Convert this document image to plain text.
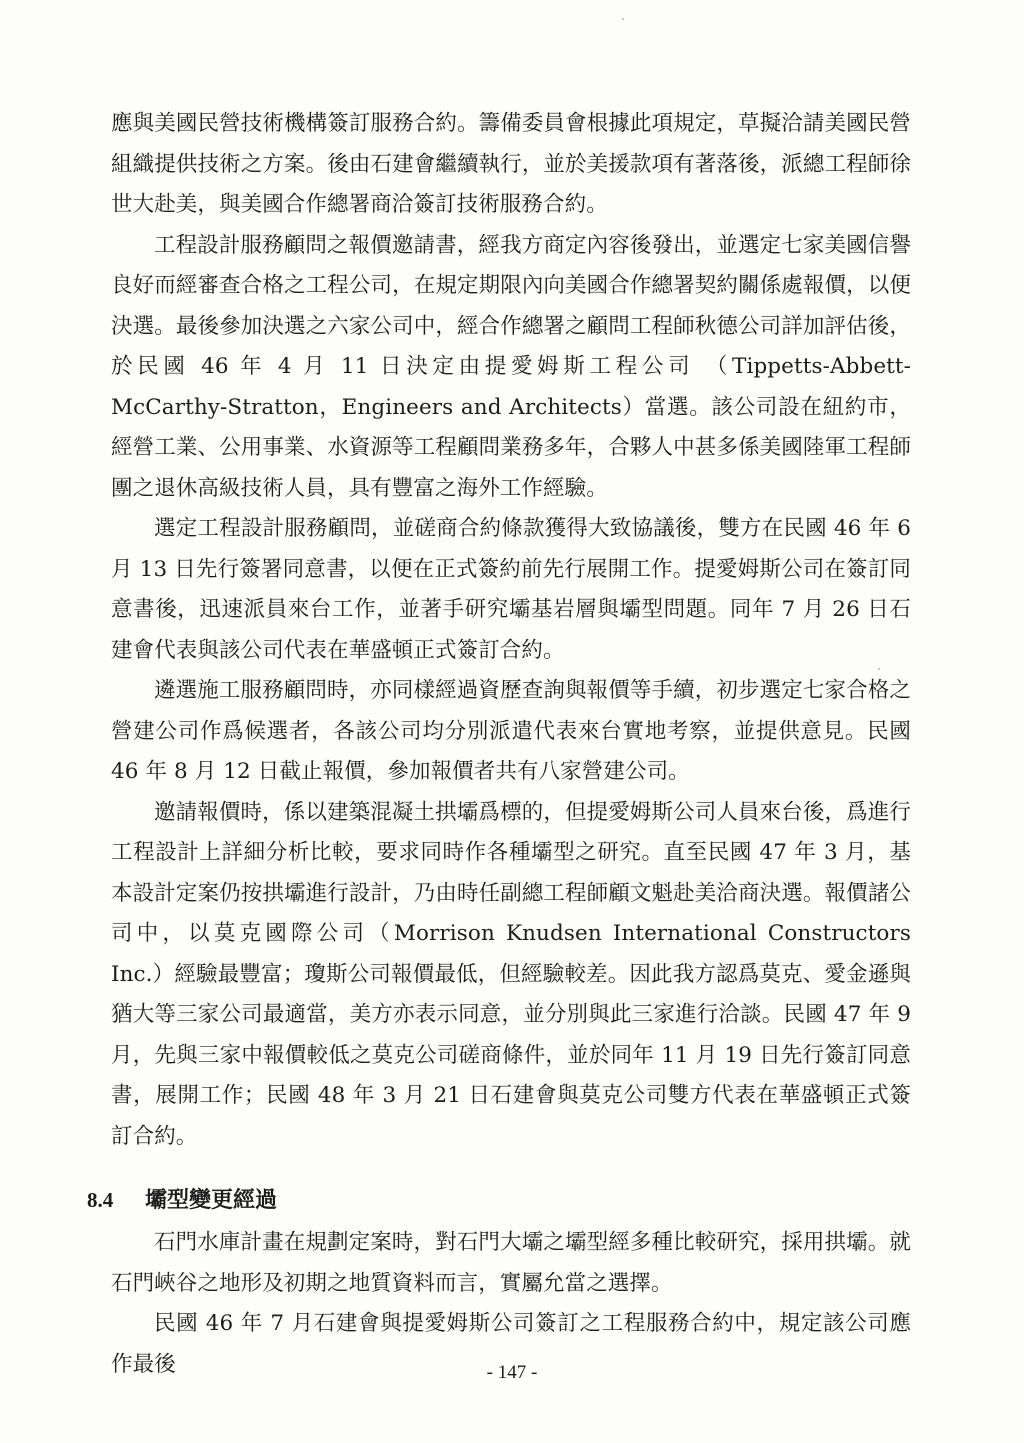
應與美國民營技術機構簽訂服務合約。籌備委員會根據此項規定，草擬洽請美國民營組織提供技術之方案。後由石建會繼續執行，並於美援款項有著落後，派總工程師徐世大赴美，與美國合作總署商洽簽訂技術服務合約。

工程設計服務顧問之報價邀請書，經我方商定內容後發出，並選定七家美國信譽良好而經審查合格之工程公司，在規定期限內向美國合作總署契約關係處報價，以便決選。最後參加決選之六家公司中，經合作總署之顧問工程師秋德公司詳加評估後，於民國 46 年 4 月 11 日決定由提愛姆斯工程公司 （Tippetts-Abbett-McCarthy-Stratton，Engineers and Architects）當選。該公司設在紐約市，經營工業、公用事業、水資源等工程顧問業務多年，合夥人中甚多係美國陸軍工程師團之退休高級技術人員，具有豐富之海外工作經驗。

選定工程設計服務顧問，並磋商合約條款獲得大致協議後，雙方在民國 46 年 6 月 13 日先行簽署同意書，以便在正式簽約前先行展開工作。提愛姆斯公司在簽訂同意書後，迅速派員來台工作，並著手研究壩基岩層與壩型問題。同年 7 月 26 日石建會代表與該公司代表在華盛頓正式簽訂合約。

遴選施工服務顧問時，亦同樣經過資歷查詢與報價等手續，初步選定七家合格之營建公司作爲候選者，各該公司均分別派遣代表來台實地考察，並提供意見。民國 46 年 8 月 12 日截止報價，參加報價者共有八家營建公司。

邀請報價時，係以建築混凝土拱壩爲標的，但提愛姆斯公司人員來台後，爲進行工程設計上詳細分析比較，要求同時作各種壩型之研究。直至民國 47 年 3 月，基本設計定案仍按拱壩進行設計，乃由時任副總工程師顧文魁赴美洽商決選。報價諸公司中，以莫克國際公司（Morrison Knudsen International Constructors Inc.）經驗最豐富；瓊斯公司報價最低，但經驗較差。因此我方認爲莫克、愛金遜與猶大等三家公司最適當，美方亦表示同意，並分別與此三家進行洽談。民國 47 年 9 月，先與三家中報價較低之莫克公司磋商條件，並於同年 11 月 19 日先行簽訂同意書，展開工作；民國 48 年 3 月 21 日石建會與莫克公司雙方代表在華盛頓正式簽訂合約。

8.4	壩型變更經過

石門水庫計畫在規劃定案時，對石門大壩之壩型經多種比較研究，採用拱壩。就石門峽谷之地形及初期之地質資料而言，實屬允當之選擇。

民國 46 年 7 月石建會與提愛姆斯公司簽訂之工程服務合約中，規定該公司應作最後	- 147 -
